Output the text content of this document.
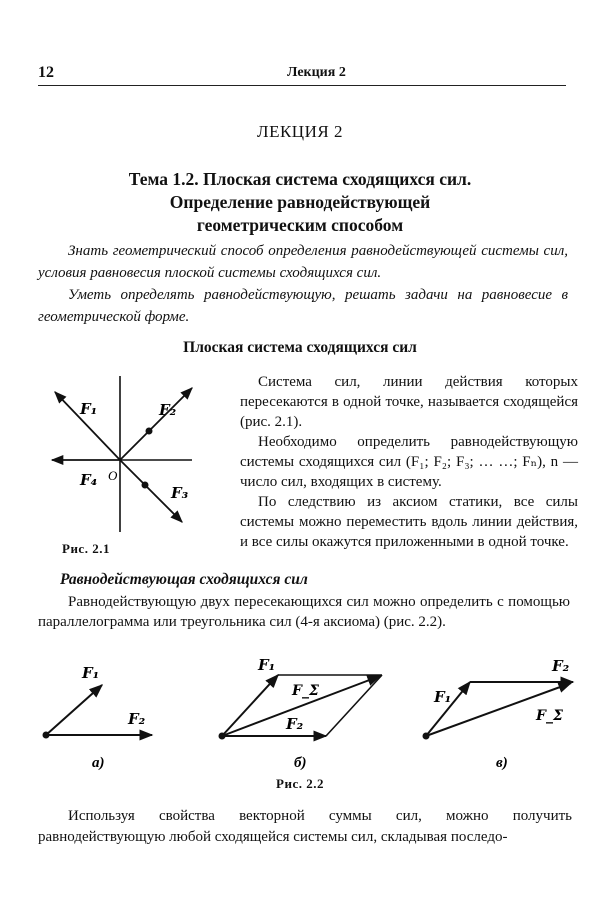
12	Лекция 2
ЛЕКЦИЯ 2
Тема 1.2. Плоская система сходящихся сил.
Определение равнодействующей
геометрическим способом

Знать геометрический способ определения равнодействующей системы сил, условия равновесия плоской системы сходящихся сил.

Уметь определять равнодействующую, решать задачи на равновесие в геометрической форме.

Плоская система сходящихся сил
F₁	F₂
F₃
F₄ O
Рис. 2.1

Система сил, линии действия которых пересекаются в одной точке, называется сходящейся (рис. 2.1).

Необходимо определить равнодействующую системы сходящихся сил (F₁; F₂; F₃; … …; Fₙ), n — число сил, входящих в систему.

По следствию из аксиом статики, все силы системы можно переместить вдоль линии действия, и все силы окажутся приложенными в одной точке.

Равнодействующая сходящихся сил

Равнодействующую двух пересекающихся сил можно определить с помощью параллелограмма или треугольника сил (4-я аксиома) (рис. 2.2).

F₁
F₂
а)
F₁
F_Σ
F₂
б)
F₁
F₂
F_Σ
в)
Рис. 2.2

Используя свойства векторной суммы сил, можно получить равнодействующую любой сходящейся системы сил, складывая последо-
